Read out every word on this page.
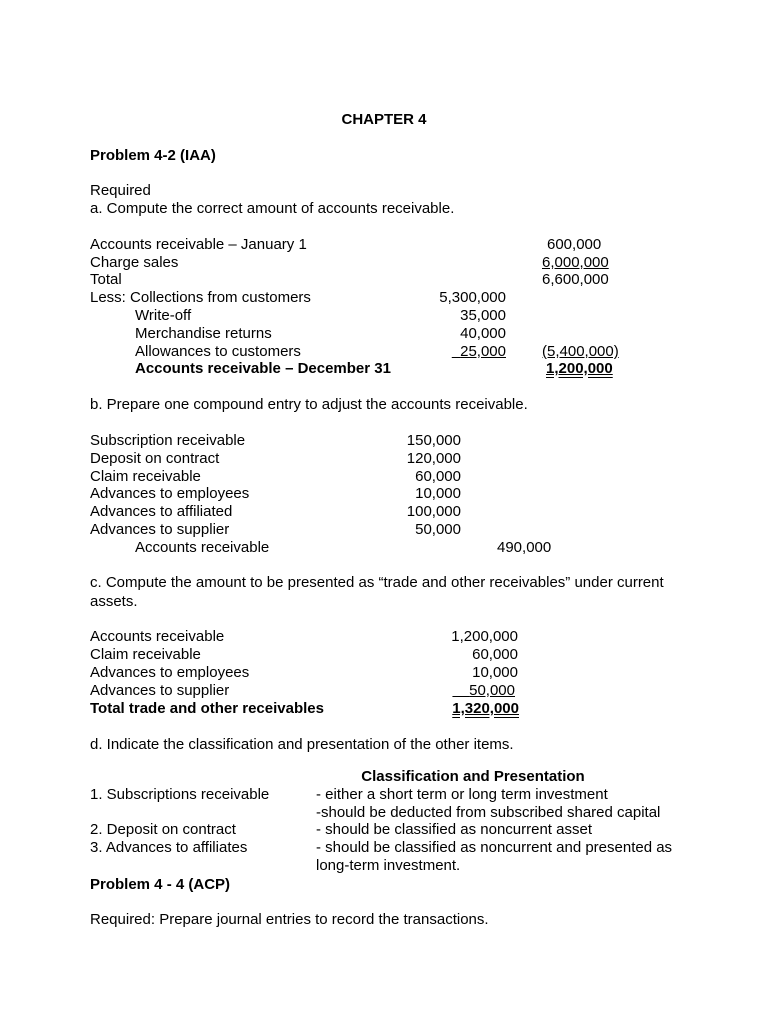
CHAPTER 4
Problem 4-2 (IAA)
Required
a. Compute the correct amount of accounts receivable.
Accounts receivable – January 1	600,000
Charge sales	6,000,000
Total	6,600,000
Less: Collections from customers	5,300,000
Write-off	35,000
Merchandise returns	40,000
Allowances to customers	25,000 (5,400,000)
Accounts receivable – December 31	1,200,000
b. Prepare one compound entry to adjust the accounts receivable.
Subscription receivable	150,000
Deposit on contract	120,000
Claim receivable	60,000
Advances to employees	10,000
Advances to affiliated	100,000
Advances to supplier	50,000
Accounts receivable	490,000
c. Compute the amount to be presented as “trade and other receivables” under current
assets.
Accounts receivable	1,200,000
Claim receivable	60,000
Advances to employees	10,000
Advances to supplier	50,000
Total trade and other receivables	1,320,000
d. Indicate the classification and presentation of the other items.
Classification and Presentation
1. Subscriptions receivable	- either a short term or long term investment
-should be deducted from subscribed shared capital
2. Deposit on contract	- should be classified as noncurrent asset
3. Advances to affiliates	- should be classified as noncurrent and presented as
long-term investment.
Problem 4 - 4 (ACP)
Required: Prepare journal entries to record the transactions.
